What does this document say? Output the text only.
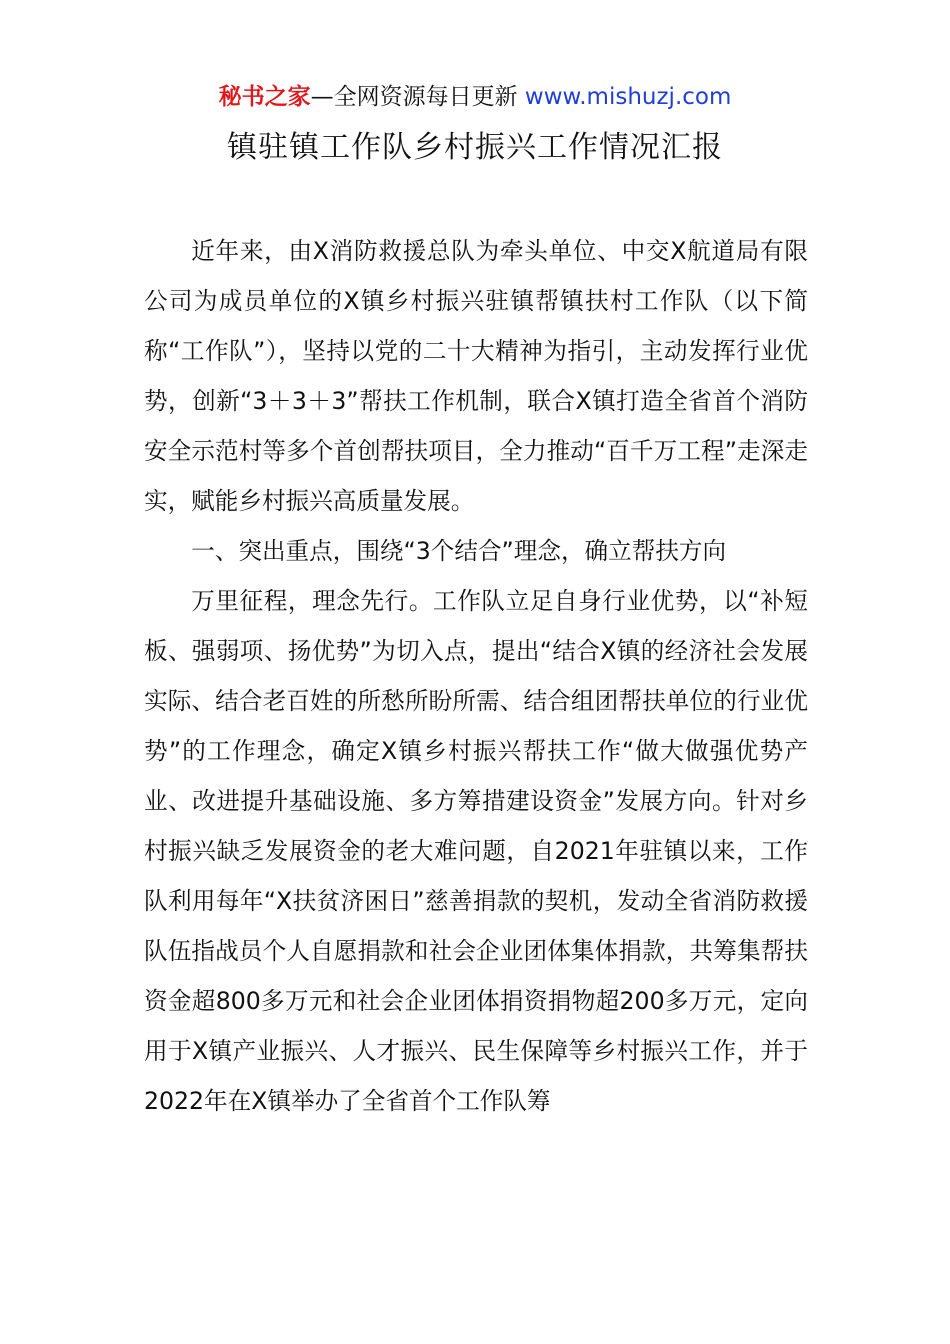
秘书之家—全网资源每日更新 www.mishuzj.com
镇驻镇工作队乡村振兴工作情况汇报

近年来，由X消防救援总队为牵头单位、中交X航道局有限公司为成员单位的X镇乡村振兴驻镇帮镇扶村工作队（以下简称“工作队”），坚持以党的二十大精神为指引，主动发挥行业优势，创新“3＋3＋3”帮扶工作机制，联合X镇打造全省首个消防安全示范村等多个首创帮扶项目，全力推动“百千万工程”走深走实，赋能乡村振兴高质量发展。

一、突出重点，围绕“3个结合”理念，确立帮扶方向

万里征程，理念先行。工作队立足自身行业优势，以“补短板、强弱项、扬优势”为切入点，提出“结合X镇的经济社会发展实际、结合老百姓的所愁所盼所需、结合组团帮扶单位的行业优势”的工作理念，确定X镇乡村振兴帮扶工作“做大做强优势产业、改进提升基础设施、多方筹措建设资金”发展方向。针对乡村振兴缺乏发展资金的老大难问题，自2021年驻镇以来，工作队利用每年“X扶贫济困日”慈善捐款的契机，发动全省消防救援队伍指战员个人自愿捐款和社会企业团体集体捐款，共筹集帮扶资金超800多万元和社会企业团体捐资捐物超200多万元，定向用于X镇产业振兴、人才振兴、民生保障等乡村振兴工作，并于2022年在X镇举办了全省首个工作队筹
